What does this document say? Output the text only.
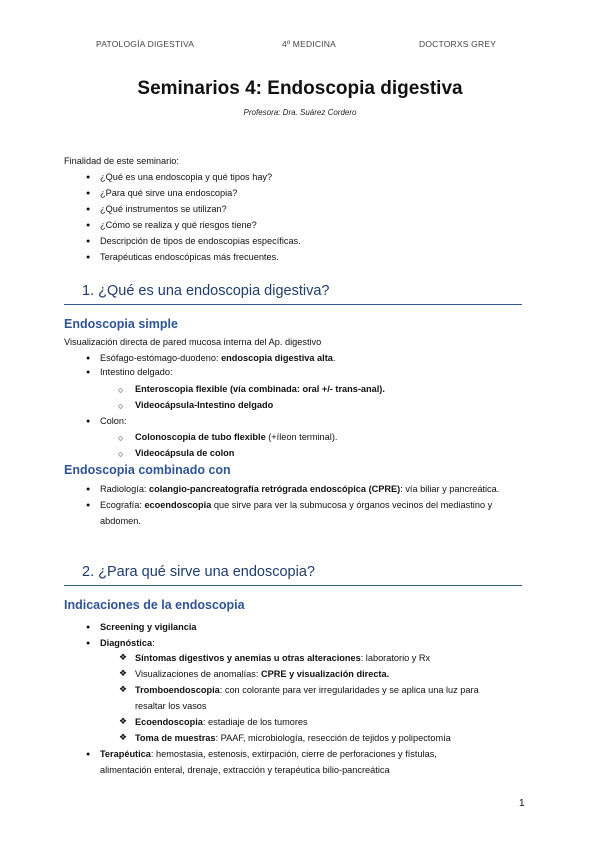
PATOLOGÍA DIGESTIVA	4º MEDICINA	DOCTORXS GREY
Seminarios 4: Endoscopia digestiva
Profesora: Dra. Suárez Cordero
Finalidad de este seminario:
● ¿Qué es una endoscopia y qué tipos hay?
● ¿Para qué sirve una endoscopia?
● ¿Qué instrumentos se utilizan?
● ¿Cómo se realiza y qué riesgos tiene?
● Descripción de tipos de endoscopias específicas.
● Terapéuticas endoscópicas más frecuentes.
1. ¿Qué es una endoscopia digestiva?
Endoscopia simple
Visualización directa de pared mucosa interna del Ap. digestivo
● Esófago-estómago-duodeno: endoscopia digestiva alta.
● Intestino delgado:
○ Enteroscopia flexible (vía combinada: oral +/- trans-anal).
○ Videocápsula-Intestino delgado
● Colon:
○ Colonoscopia de tubo flexible (+íleon terminal).
○ Videocápsula de colon
Endoscopia combinado con
● Radiología: colangio-pancreatografía retrógrada endoscópica (CPRE): vía biliar y pancreática.
● Ecografía: ecoendoscopia que sirve para ver la submucosa y órganos vecinos del mediastino y
abdomen.
2. ¿Para qué sirve una endoscopia?
Indicaciones de la endoscopia
● Screening y vigilancia
● Diagnóstica:
❖ Síntomas digestivos y anemias u otras alteraciones: laboratorio y Rx
❖ Visualizaciones de anomalías: CPRE y visualización directa.
❖ Tromboendoscopia: con colorante para ver irregularidades y se aplica una luz para
resaltar los vasos
❖ Ecoendoscopia: estadiaje de los tumores
❖ Toma de muestras: PAAF, microbiología, resección de tejidos y polipectomía
● Terapéutica: hemostasia, estenosis, extirpación, cierre de perforaciones y fístulas,
alimentación enteral, drenaje, extracción y terapéutica bilio-pancreática
1
